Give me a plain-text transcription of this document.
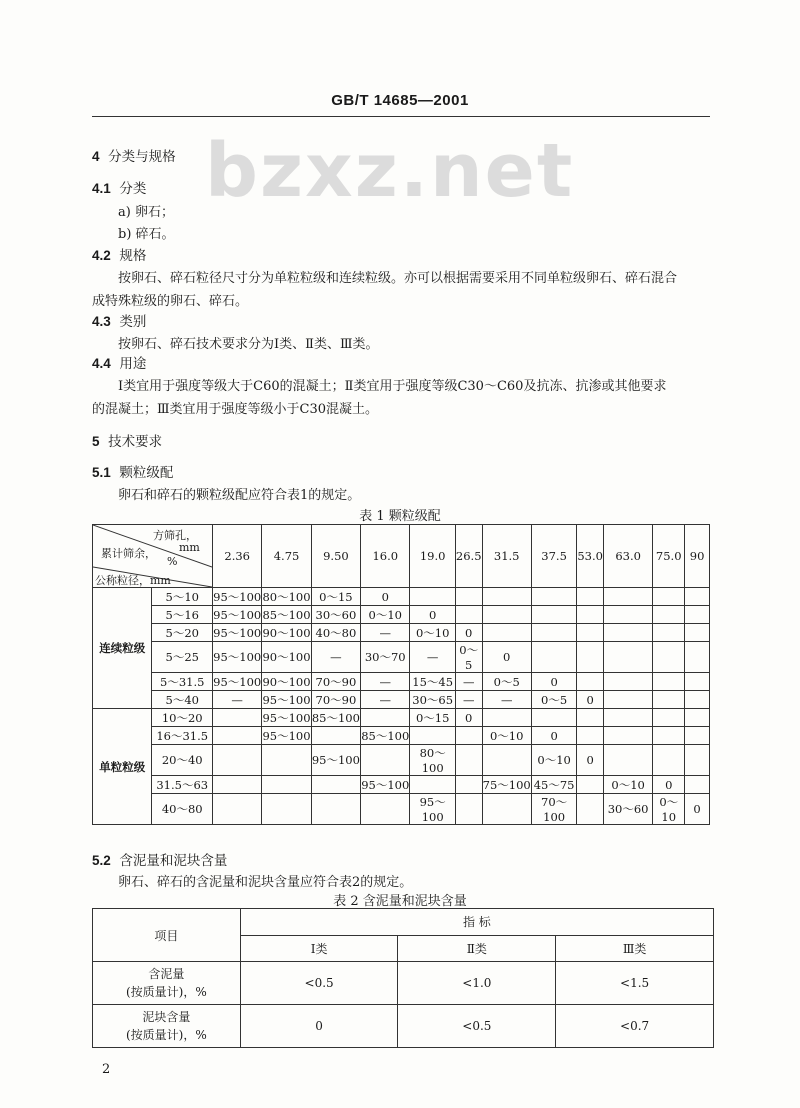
GB/T 14685—2001
bzxz.net
4 分类与规格
4.1 分类
a) 卵石；
b) 碎石。
4.2 规格
按卵石、碎石粒径尺寸分为单粒粒级和连续粒级。亦可以根据需要采用不同单粒级卵石、碎石混合
成特殊粒级的卵石、碎石。
4.3 类别
按卵石、碎石技术要求分为Ⅰ类、Ⅱ类、Ⅲ类。
4.4 用途
Ⅰ类宜用于强度等级大于C60的混凝土；Ⅱ类宜用于强度等级C30～C60及抗冻、抗渗或其他要求
的混凝土；Ⅲ类宜用于强度等级小于C30混凝土。
5 技术要求
5.1 颗粒级配
卵石和碎石的颗粒级配应符合表1的规定。
表 1 颗粒级配
方筛孔，
mm
累计筛余，
%
公称粒径，mm		2.36	4.75	9.50	16.0	19.0	26.5	31.5	37.5	53.0	63.0	75.0	90
连续粒级	5～10	95～100	80～100	0～15	0								
	5～16	95～100	85～100	30～60	0～10	0							
	5～20	95～100	90～100	40～80	—	0～10	0						
	5～25	95～100	90～100	—	30～70	—	0～5	0					
	5～31.5	95～100	90～100	70～90	—	15～45	—	0～5	0				
	5～40	—	95～100	70～90	—	30～65	—	—	0～5	0			
单粒粒级	10～20		95～100	85～100		0～15	0						
	16～31.5		95～100		85～100			0～10	0				
	20～40			95～100		80～100			0～10	0			
	31.5～63				95～100			75～100	45～75		0～10	0	
	40～80					95～100			70～100		30～60	0～10	0
5.2 含泥量和泥块含量
卵石、碎石的含泥量和泥块含量应符合表2的规定。
表 2 含泥量和泥块含量
项目	指 标		
	Ⅰ类	Ⅱ类	Ⅲ类

含泥量
(按质量计)，%	<0.5	<1.0	<1.5

泥块含量
(按质量计)，%	0	<0.5	<0.7
2
